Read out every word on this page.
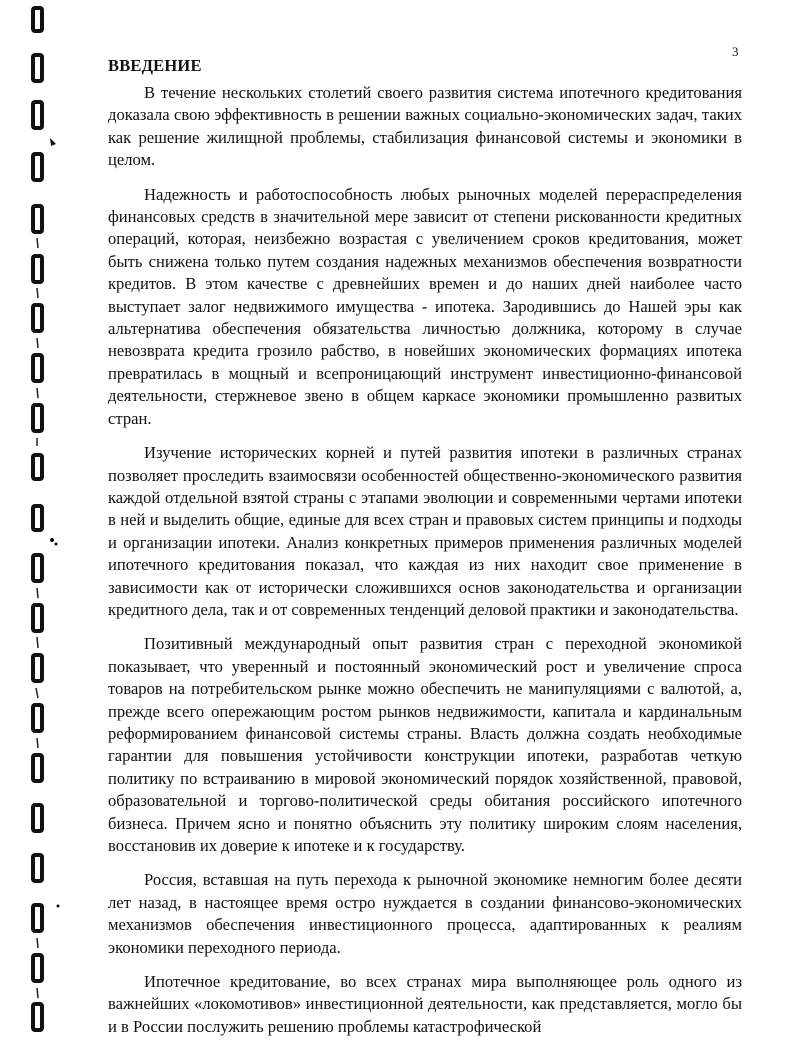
3
ВВЕДЕНИЕ

В течение нескольких столетий своего развития система ипотечного кредитования доказала свою эффективность в решении важных социально-экономических задач, таких как решение жилищной проблемы, стабилизация финансовой системы и экономики в целом.

Надежность и работоспособность любых рыночных моделей перераспределения финансовых средств в значительной мере зависит от степени рискованности кредитных операций, которая, неизбежно возрастая с увеличением сроков кредитования, может быть снижена только путем создания надежных механизмов обеспечения возвратности кредитов. В этом качестве с древнейших времен и до наших дней наиболее часто выступает залог недвижимого имущества - ипотека. Зародившись до Нашей эры как альтернатива обеспечения обязательства личностью должника, которому в случае невозврата кредита грозило рабство, в новейших экономических формациях ипотека превратилась в мощный и всепроницающий инструмент инвестиционно-финансовой деятельности, стержневое звено в общем каркасе экономики промышленно развитых стран.

Изучение исторических корней и путей развития ипотеки в различных странах позволяет проследить взаимосвязи особенностей общественно-экономического развития каждой отдельной взятой страны с этапами эволюции и современными чертами ипотеки в ней и выделить общие, единые для всех стран и правовых систем принципы и подходы и организации ипотеки. Анализ конкретных примеров применения различных моделей ипотечного кредитования показал, что каждая из них находит свое применение в зависимости как от исторически сложившихся основ законодательства и организации кредитного дела, так и от современных тенденций деловой практики и законодательства.

Позитивный международный опыт развития стран с переходной экономикой показывает, что уверенный и постоянный экономический рост и увеличение спроса товаров на потребительском рынке можно обеспечить не манипуляциями с валютой, а, прежде всего опережающим ростом рынков недвижимости, капитала и кардинальным реформированием финансовой системы страны. Власть должна создать необходимые гарантии для повышения устойчивости конструкции ипотеки, разработав четкую политику по встраиванию в мировой экономический порядок хозяйственной, правовой, образовательной и торгово-политической среды обитания российского ипотечного бизнеса. Причем ясно и понятно объяснить эту политику широким слоям населения, восстановив их доверие к ипотеке и к государству.

Россия, вставшая на путь перехода к рыночной экономике немногим более десяти лет назад, в настоящее время остро нуждается в создании финансово-экономических механизмов обеспечения инвестиционного процесса, адаптированных к реалиям экономики переходного периода.

Ипотечное кредитование, во всех странах мира выполняющее роль одного из важнейших «локомотивов» инвестиционной деятельности, как представляется, могло бы и в России послужить решению проблемы катастрофической
